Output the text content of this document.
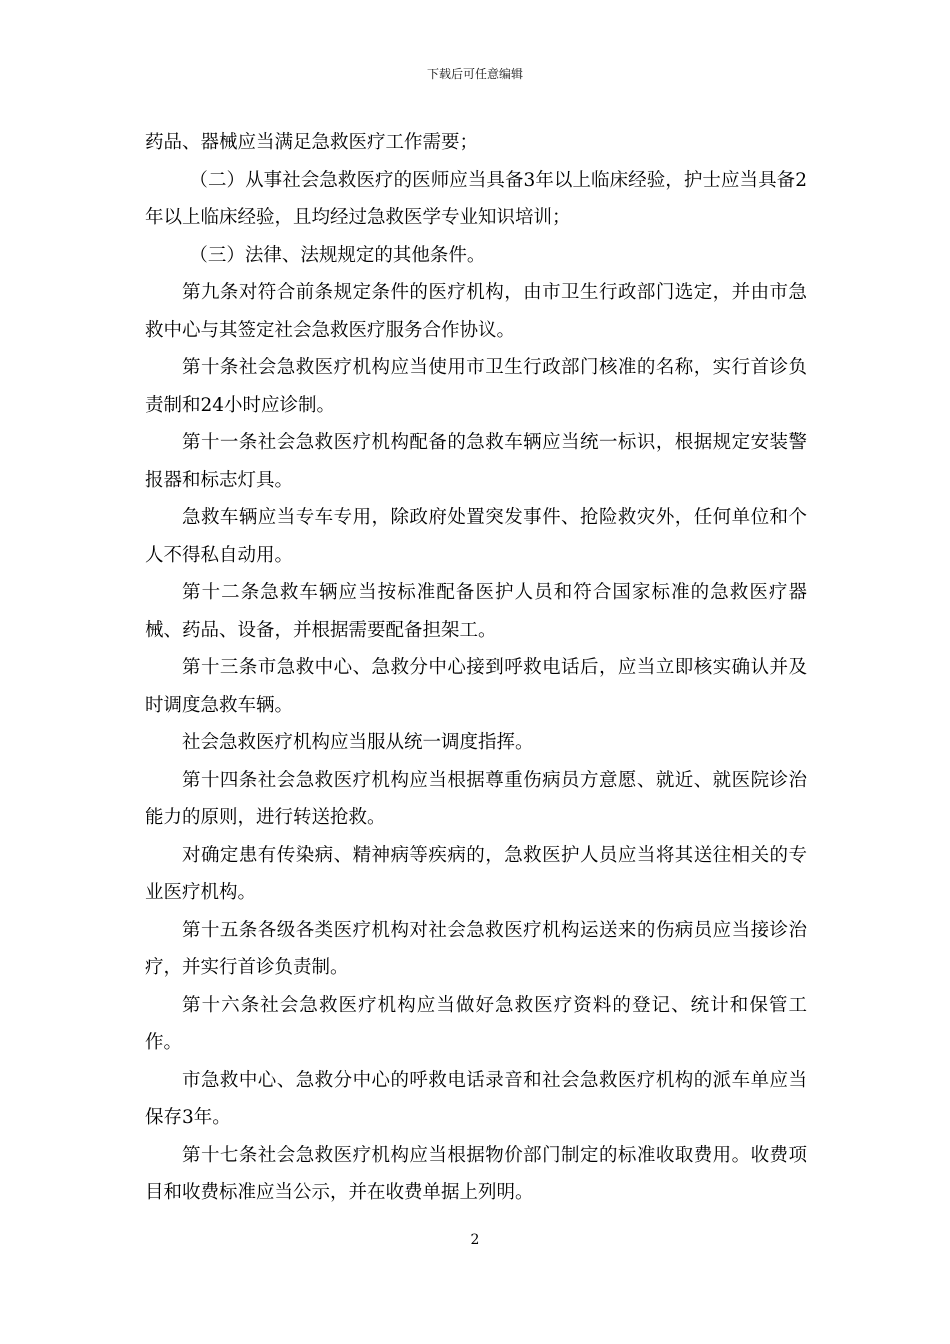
下载后可任意编辑

药品、器械应当满足急救医疗工作需要；

（二）从事社会急救医疗的医师应当具备3年以上临床经验，护士应当具备2年以上临床经验，且均经过急救医学专业知识培训；

（三）法律、法规规定的其他条件。

第九条对符合前条规定条件的医疗机构，由市卫生行政部门选定，并由市急救中心与其签定社会急救医疗服务合作协议。

第十条社会急救医疗机构应当使用市卫生行政部门核准的名称，实行首诊负责制和24小时应诊制。

第十一条社会急救医疗机构配备的急救车辆应当统一标识，根据规定安装警报器和标志灯具。

急救车辆应当专车专用，除政府处置突发事件、抢险救灾外，任何单位和个人不得私自动用。

第十二条急救车辆应当按标准配备医护人员和符合国家标准的急救医疗器械、药品、设备，并根据需要配备担架工。

第十三条市急救中心、急救分中心接到呼救电话后，应当立即核实确认并及时调度急救车辆。

社会急救医疗机构应当服从统一调度指挥。

第十四条社会急救医疗机构应当根据尊重伤病员方意愿、就近、就医院诊治能力的原则，进行转送抢救。

对确定患有传染病、精神病等疾病的，急救医护人员应当将其送往相关的专业医疗机构。

第十五条各级各类医疗机构对社会急救医疗机构运送来的伤病员应当接诊治疗，并实行首诊负责制。

第十六条社会急救医疗机构应当做好急救医疗资料的登记、统计和保管工作。

市急救中心、急救分中心的呼救电话录音和社会急救医疗机构的派车单应当保存3年。

第十七条社会急救医疗机构应当根据物价部门制定的标准收取费用。收费项目和收费标准应当公示，并在收费单据上列明。

2
